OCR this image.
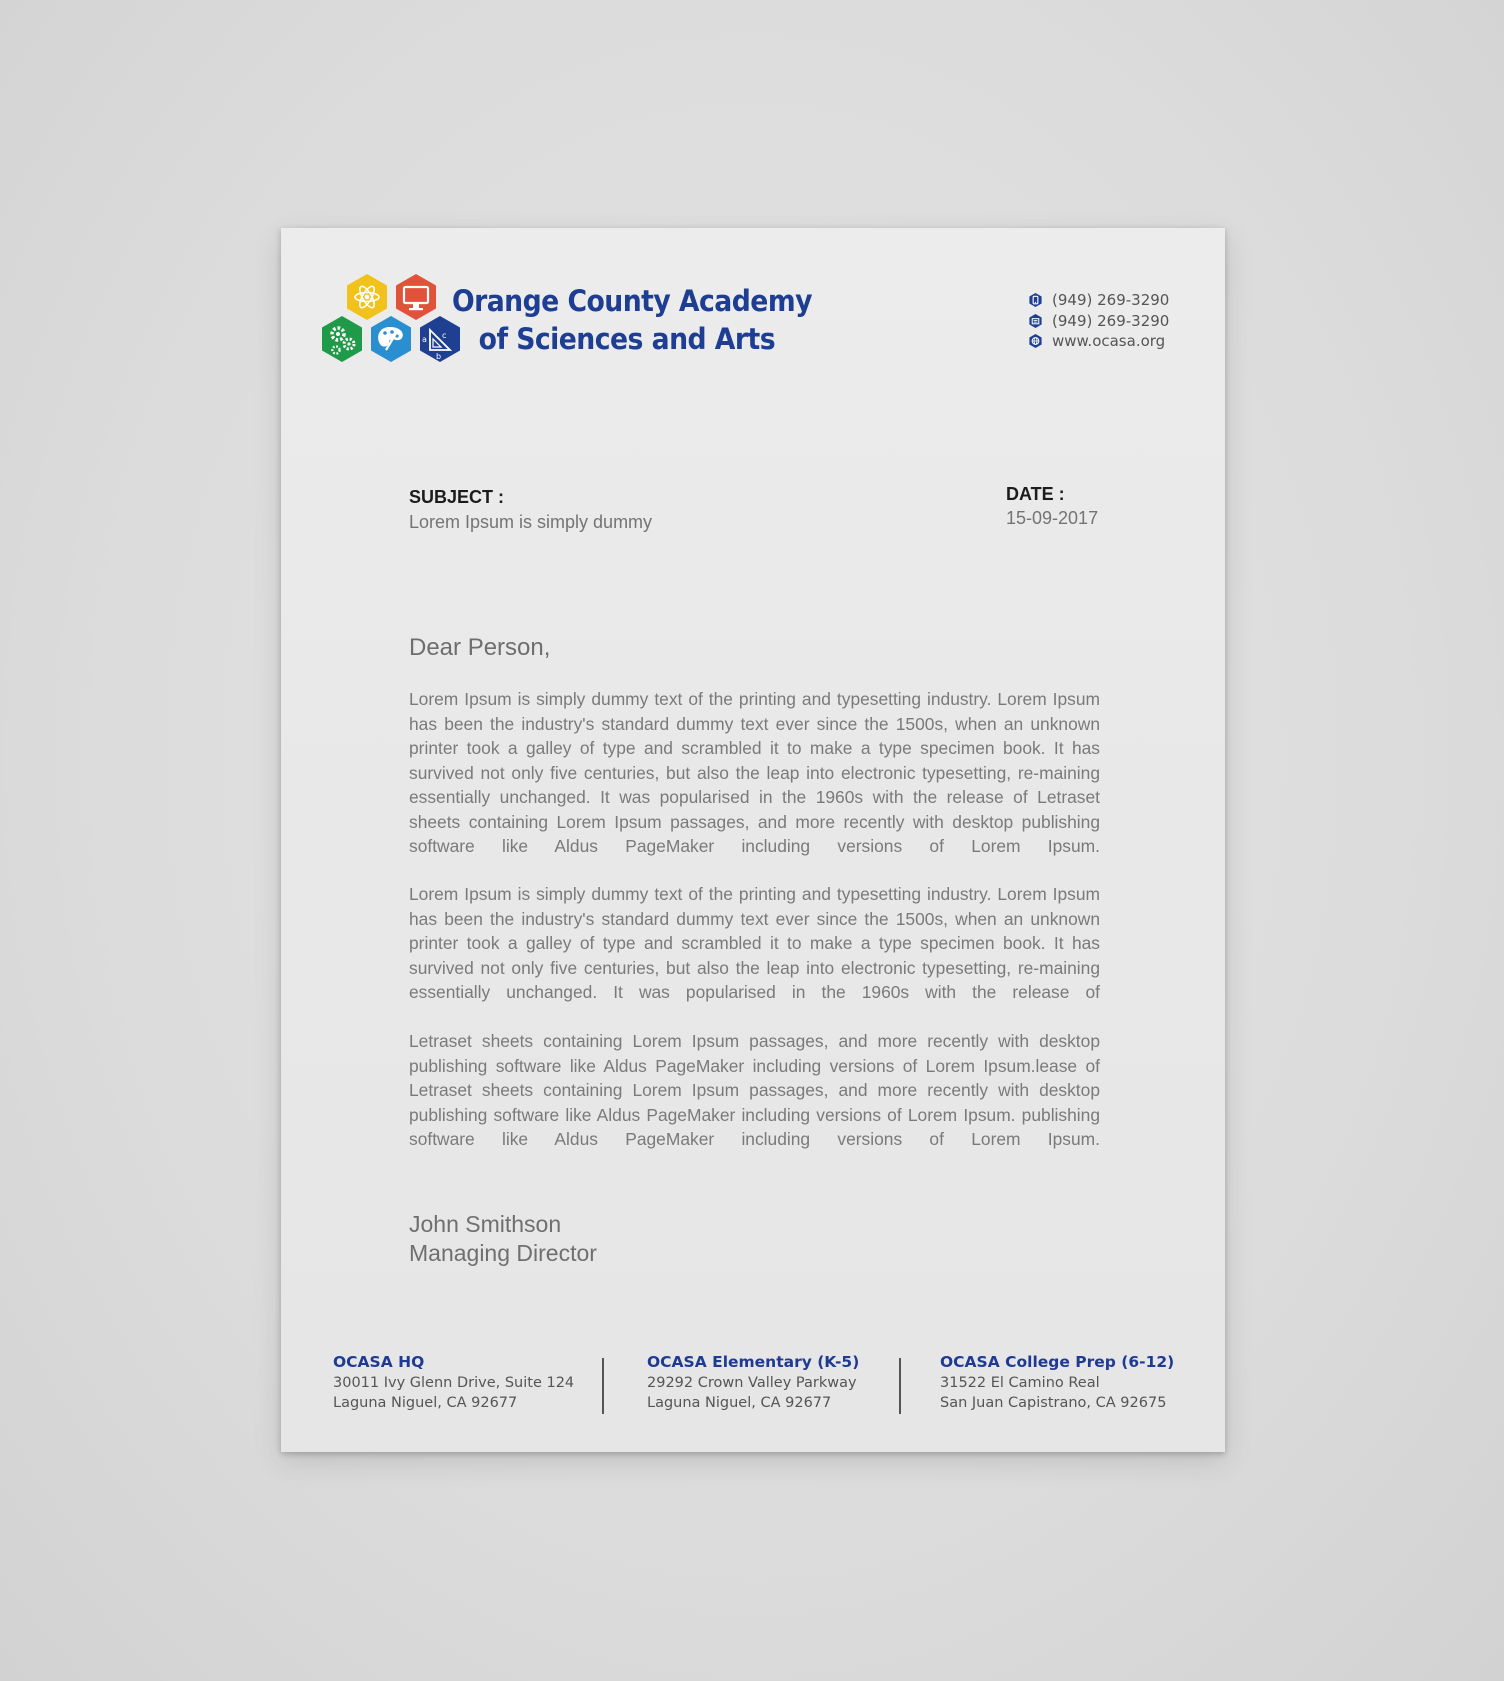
a c
b
Orange County Academy
of Sciences and Arts
(949) 269-3290
(949) 269-3290
www.ocasa.org
SUBJECT :
Lorem Ipsum is simply dummy
DATE :
15-09-2017
Dear Person,

Lorem Ipsum is simply dummy text of the printing and typesetting industry. Lorem Ipsum has been the industry's standard dummy text ever since the 1500s, when an unknown printer took a galley of type and scrambled it to make a type specimen book. It has survived not only five centuries, but also the leap into electronic typesetting, re-maining essentially unchanged. It was popularised in the 1960s with the release of Letraset sheets containing Lorem Ipsum passages, and more recently with desktop publishing software like Aldus PageMaker including versions of Lorem Ipsum.

Lorem Ipsum is simply dummy text of the printing and typesetting industry. Lorem Ipsum has been the industry's standard dummy text ever since the 1500s, when an unknown printer took a galley of type and scrambled it to make a type specimen book. It has survived not only five centuries, but also the leap into electronic typesetting, re-maining essentially unchanged. It was popularised in the 1960s with the release of

Letraset sheets containing Lorem Ipsum passages, and more recently with desktop publishing software like Aldus PageMaker including versions of Lorem Ipsum.lease of Letraset sheets containing Lorem Ipsum passages, and more recently with desktop publishing software like Aldus PageMaker including versions of Lorem Ipsum. publishing software like Aldus PageMaker including versions of Lorem Ipsum.

John Smithson
Managing Director
OCASA HQ
30011 Ivy Glenn Drive, Suite 124
Laguna Niguel, CA 92677
OCASA Elementary (K-5)
29292 Crown Valley Parkway
Laguna Niguel, CA 92677
OCASA College Prep (6-12)
31522 El Camino Real
San Juan Capistrano, CA 92675
